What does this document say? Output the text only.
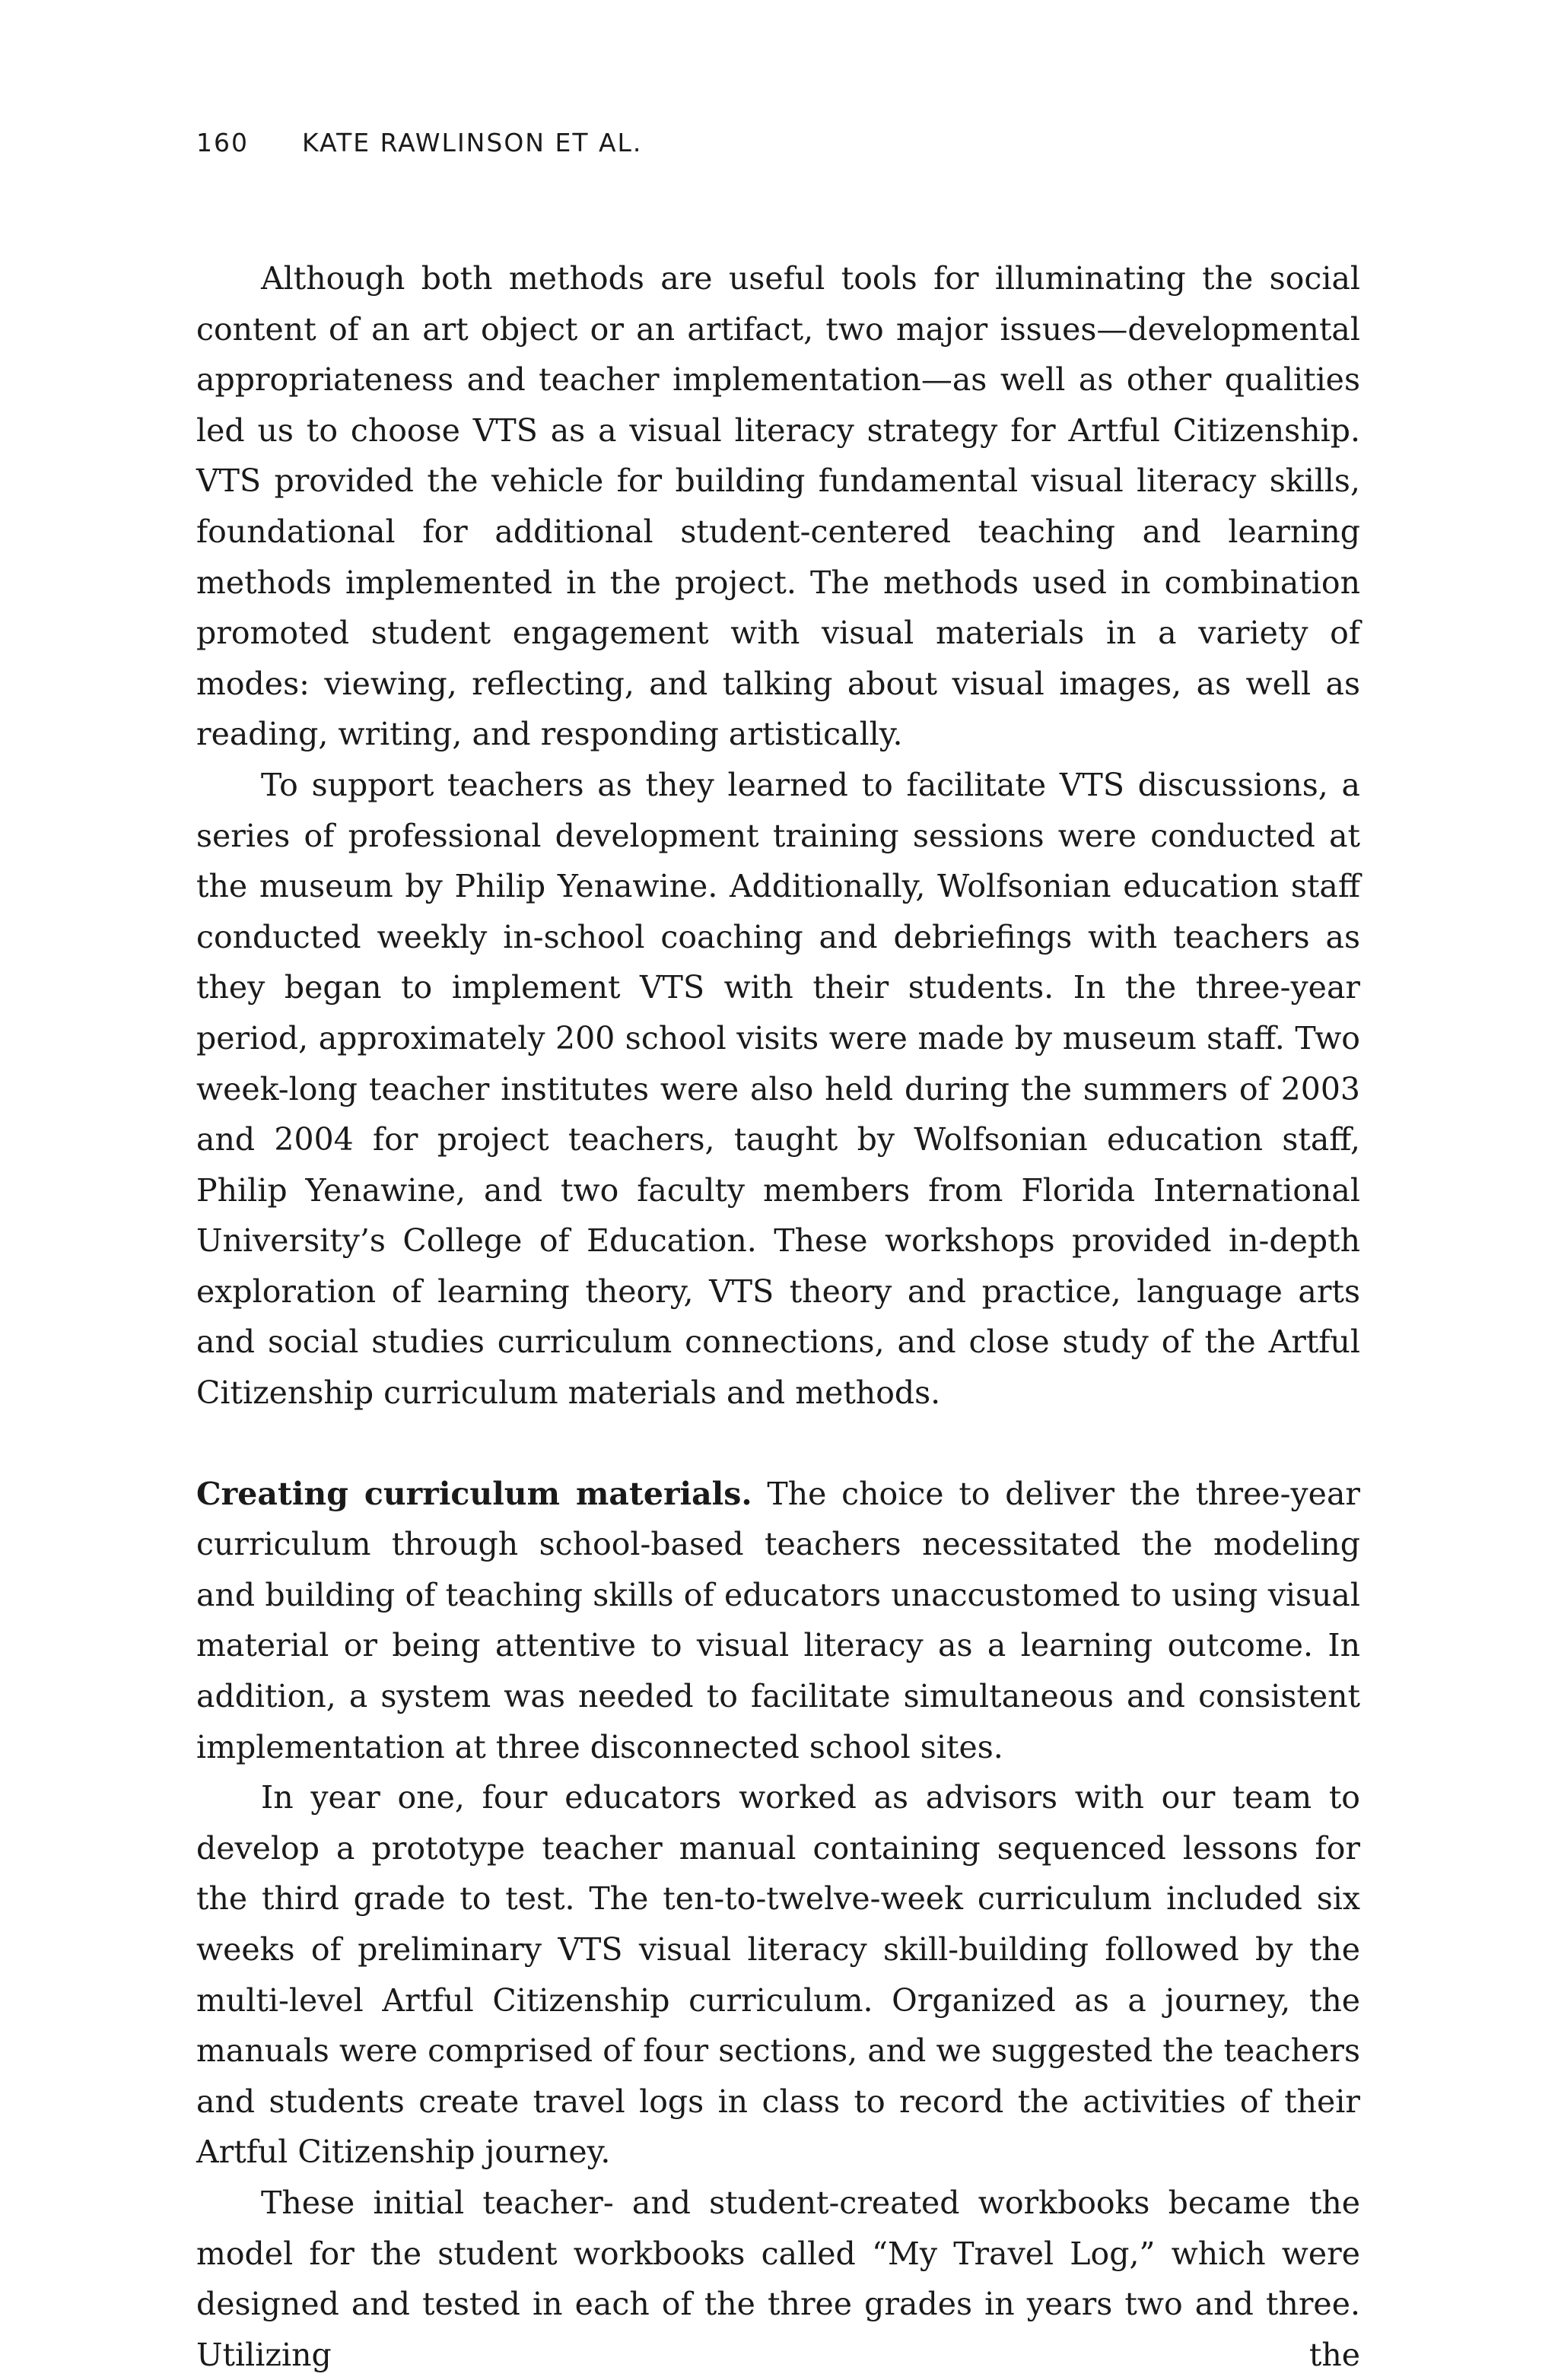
160 KATE RAWLINSON ET AL.

Although both methods are useful tools for illuminating the social content of an art object or an artifact, two major issues—developmental appropriateness and teacher implementation—as well as other qualities led us to choose VTS as a visual literacy strategy for Artful Citizenship. VTS provided the vehicle for building fundamental visual literacy skills, foundational for additional student-centered teaching and learning methods implemented in the project. The methods used in combination promoted student engagement with visual materials in a variety of modes: viewing, reflecting, and talking about visual images, as well as reading, writing, and responding artistically.

To support teachers as they learned to facilitate VTS discussions, a series of professional development training sessions were conducted at the museum by Philip Yenawine. Additionally, Wolfsonian education staff conducted weekly in-school coaching and debriefings with teachers as they began to implement VTS with their students. In the three-year period, approximately 200 school visits were made by museum staff. Two week-long teacher institutes were also held during the summers of 2003 and 2004 for project teachers, taught by Wolfsonian education staff, Philip Yenawine, and two faculty members from Florida International University’s College of Education. These workshops provided in-depth exploration of learning theory, VTS theory and practice, language arts and social studies curriculum connections, and close study of the Artful Citizenship curriculum materials and methods.

Creating curriculum materials. The choice to deliver the three-year curriculum through school-based teachers necessitated the modeling and building of teaching skills of educators unaccustomed to using visual material or being attentive to visual literacy as a learning outcome. In addition, a system was needed to facilitate simultaneous and consistent implementation at three disconnected school sites.

In year one, four educators worked as advisors with our team to develop a prototype teacher manual containing sequenced lessons for the third grade to test. The ten-to-twelve-week curriculum included six weeks of preliminary VTS visual literacy skill-building followed by the multi-level Artful Citizenship curriculum. Organized as a journey, the manuals were comprised of four sections, and we suggested the teachers and students create travel logs in class to record the activities of their Artful Citizenship journey.

These initial teacher- and student-created workbooks became the model for the student workbooks called “My Travel Log,” which were designed and tested in each of the three grades in years two and three. Utilizing the
